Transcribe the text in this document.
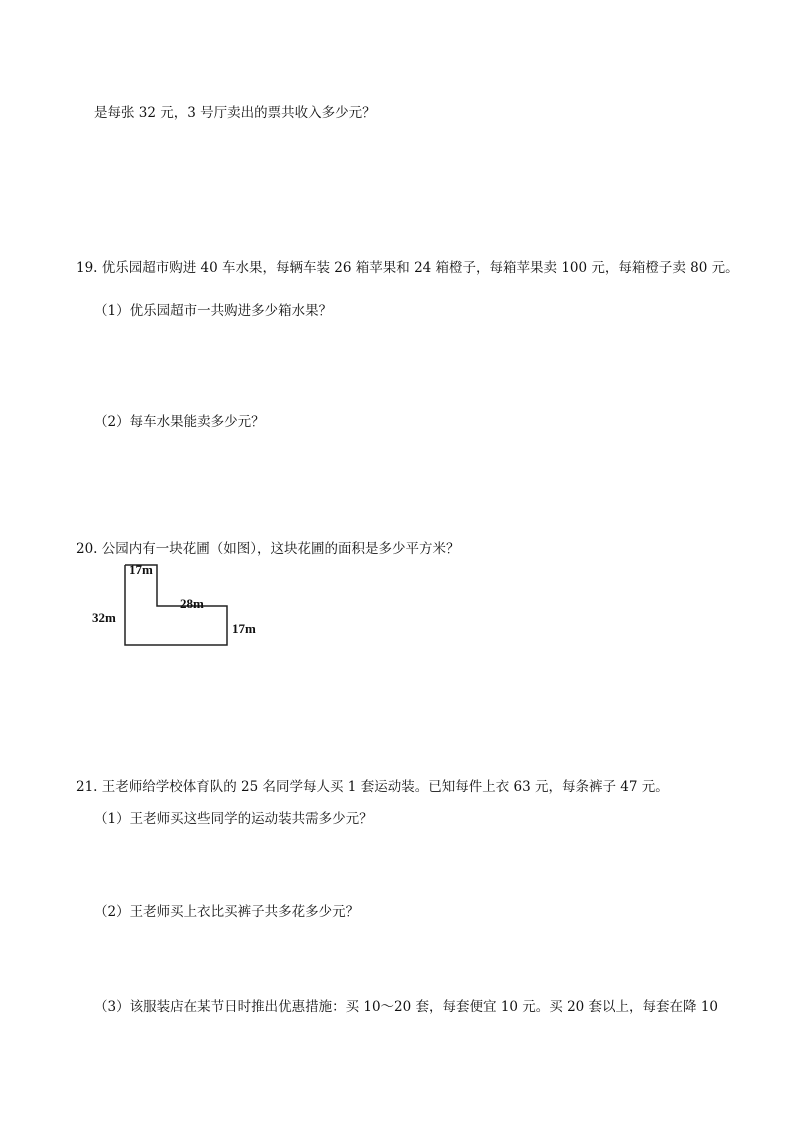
是每张 32 元，3 号厅卖出的票共收入多少元？
19. 优乐园超市购进 40 车水果，每辆车装 26 箱苹果和 24 箱橙子，每箱苹果卖 100 元，每箱橙子卖 80 元。
（1）优乐园超市一共购进多少箱水果？
（2）每车水果能卖多少元？
20. 公园内有一块花圃（如图），这块花圃的面积是多少平方米？
17m
28m
32m
17m
21. 王老师给学校体育队的 25 名同学每人买 1 套运动装。已知每件上衣 63 元，每条裤子 47 元。
（1）王老师买这些同学的运动装共需多少元？
（2）王老师买上衣比买裤子共多花多少元？
（3）该服装店在某节日时推出优惠措施：买 10～20 套，每套便宜 10 元。买 20 套以上，每套在降 10
